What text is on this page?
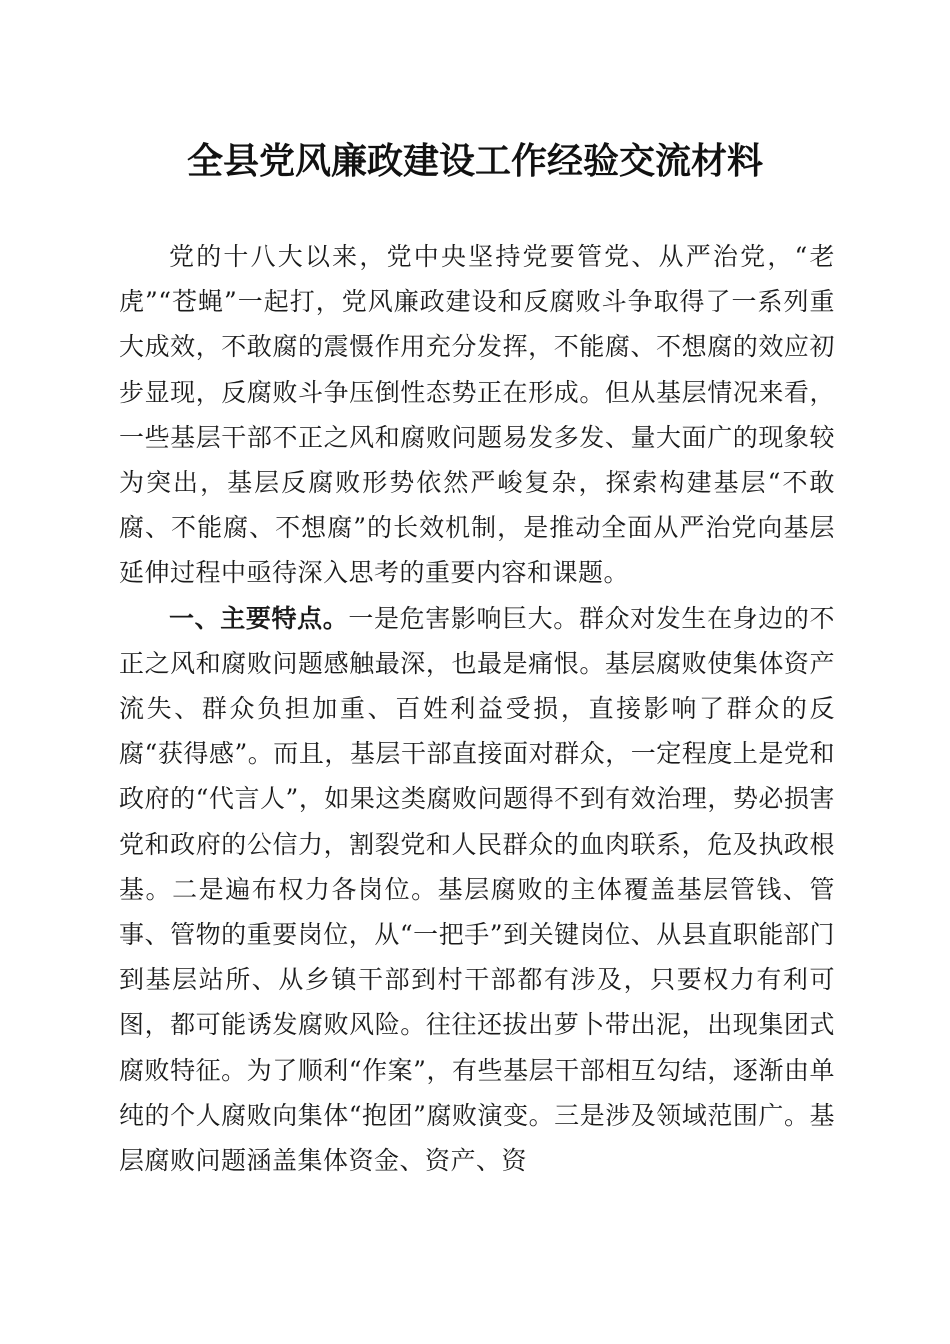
全县党风廉政建设工作经验交流材料

党的十八大以来，党中央坚持党要管党、从严治党，“老虎”“苍蝇”一起打，党风廉政建设和反腐败斗争取得了一系列重大成效，不敢腐的震慑作用充分发挥，不能腐、不想腐的效应初步显现，反腐败斗争压倒性态势正在形成。但从基层情况来看，一些基层干部不正之风和腐败问题易发多发、量大面广的现象较为突出，基层反腐败形势依然严峻复杂，探索构建基层“不敢腐、不能腐、不想腐”的长效机制，是推动全面从严治党向基层延伸过程中亟待深入思考的重要内容和课题。

一、主要特点。一是危害影响巨大。群众对发生在身边的不正之风和腐败问题感触最深，也最是痛恨。基层腐败使集体资产流失、群众负担加重、百姓利益受损，直接影响了群众的反腐“获得感”。而且，基层干部直接面对群众，一定程度上是党和政府的“代言人”，如果这类腐败问题得不到有效治理，势必损害党和政府的公信力，割裂党和人民群众的血肉联系，危及执政根基。二是遍布权力各岗位。基层腐败的主体覆盖基层管钱、管事、管物的重要岗位，从“一把手”到关键岗位、从县直职能部门到基层站所、从乡镇干部到村干部都有涉及，只要权力有利可图，都可能诱发腐败风险。往往还拔出萝卜带出泥，出现集团式腐败特征。为了顺利“作案”，有些基层干部相互勾结，逐渐由单纯的个人腐败向集体“抱团”腐败演变。三是涉及领域范围广。基层腐败问题涵盖集体资金、资产、资
